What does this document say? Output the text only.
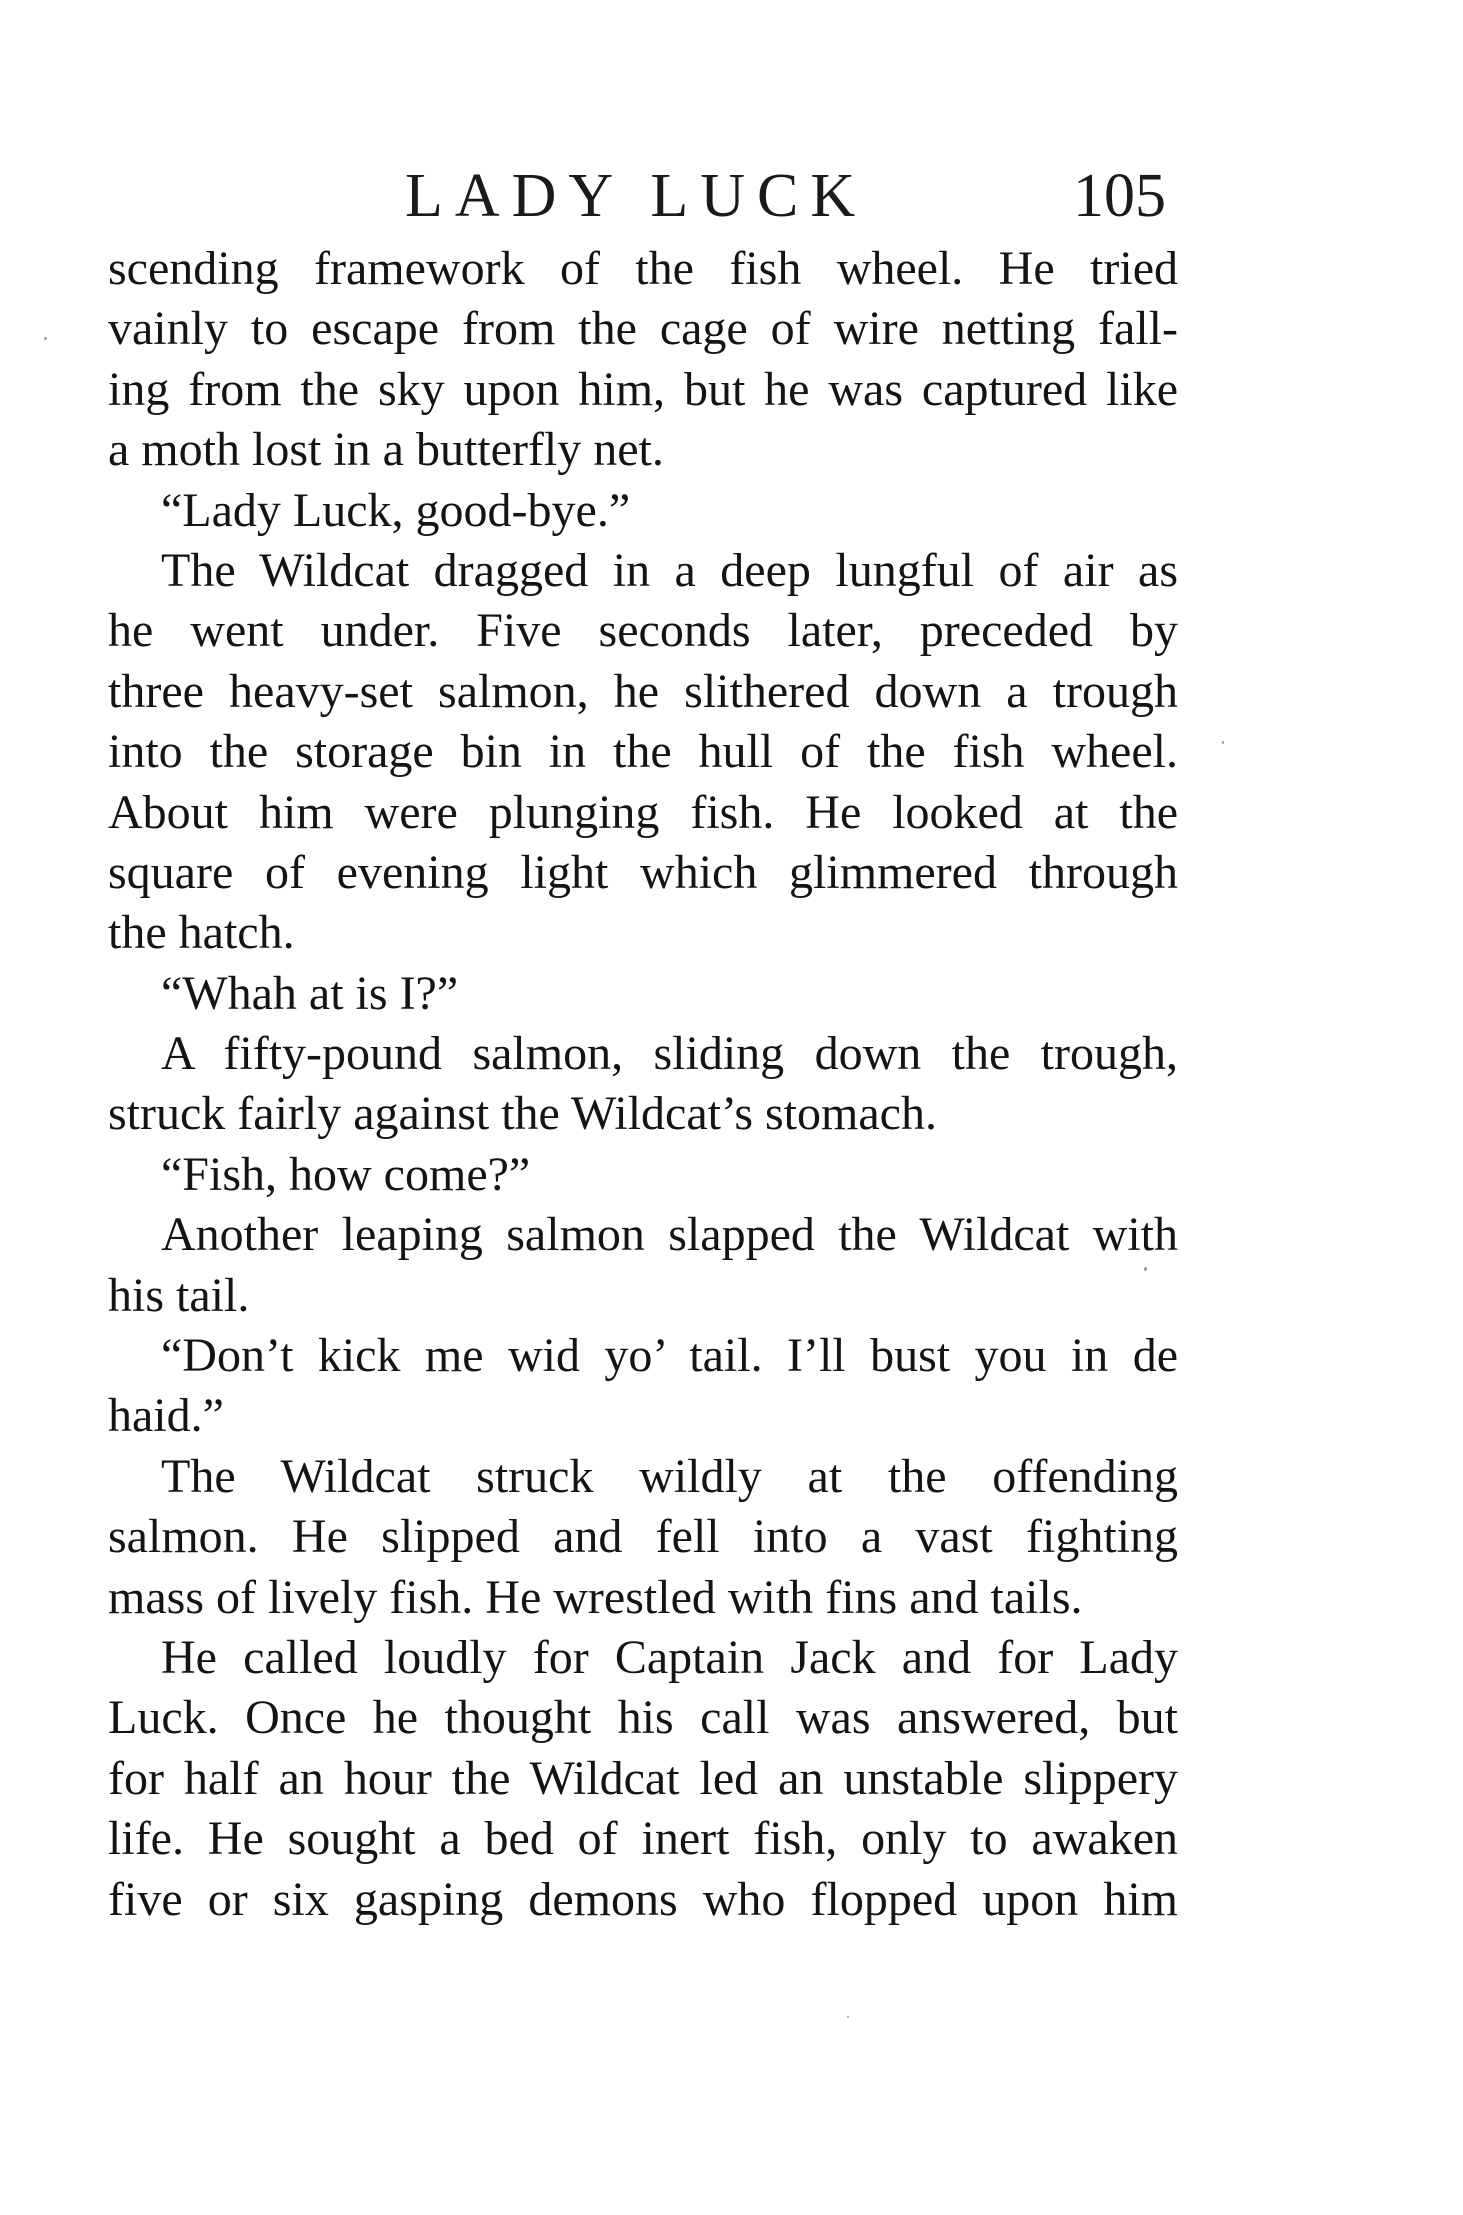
LADY LUCK	105
scending framework of the fish wheel. He tried
vainly to escape from the cage of wire netting fall-
ing from the sky upon him, but he was captured like
a moth lost in a butterfly net.
“Lady Luck, good-bye.”
The Wildcat dragged in a deep lungful of air as
he went under. Five seconds later, preceded by
three heavy-set salmon, he slithered down a trough
into the storage bin in the hull of the fish wheel.
About him were plunging fish. He looked at the
square of evening light which glimmered through
the hatch.
“Whah at is I?”
A fifty-pound salmon, sliding down the trough,
struck fairly against the Wildcat’s stomach.
“Fish, how come?”
Another leaping salmon slapped the Wildcat with
his tail.
“Don’t kick me wid yo’ tail. I’ll bust you in de
haid.”
The Wildcat struck wildly at the offending
salmon. He slipped and fell into a vast fighting
mass of lively fish. He wrestled with fins and tails.
He called loudly for Captain Jack and for Lady
Luck. Once he thought his call was answered, but
for half an hour the Wildcat led an unstable slippery
life. He sought a bed of inert fish, only to awaken
five or six gasping demons who flopped upon him
